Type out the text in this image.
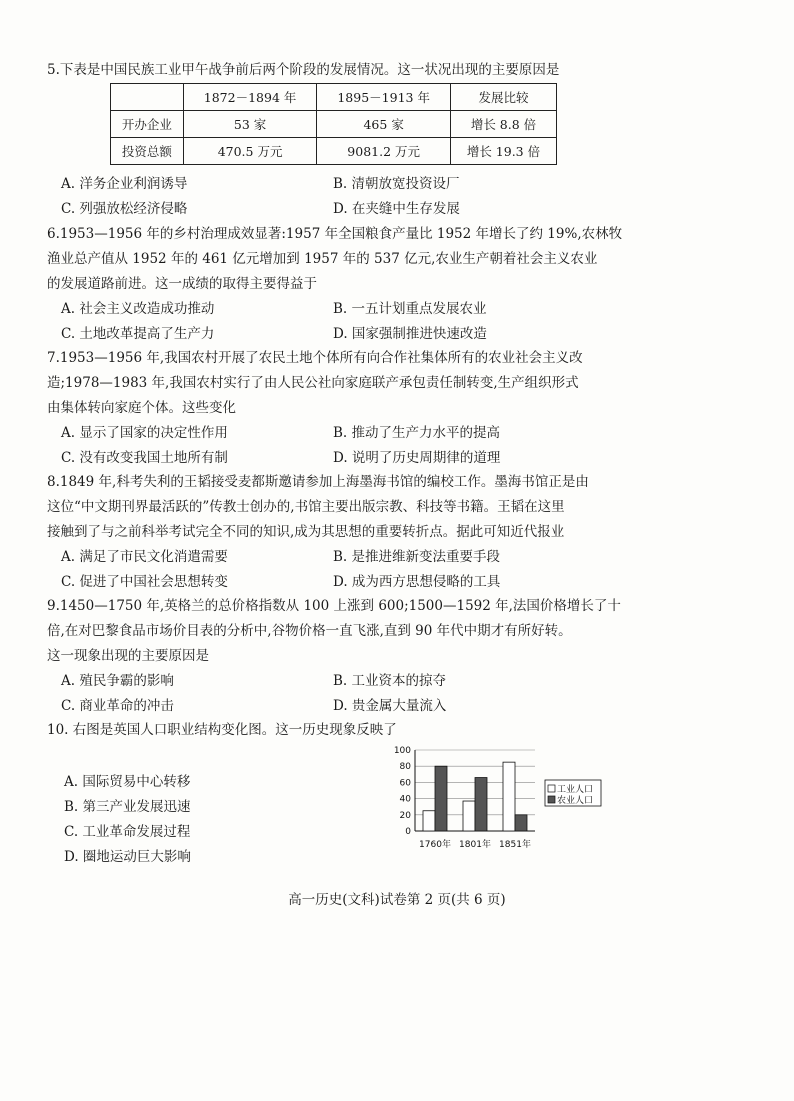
5.下表是中国民族工业甲午战争前后两个阶段的发展情况。这一状况出现的主要原因是
	1872－1894 年	1895－1913 年	发展比较
开办企业	53 家	465 家	增长 8.8 倍
投资总额	470.5 万元	9081.2 万元	增长 19.3 倍
A. 洋务企业利润诱导	B. 清朝放宽投资设厂
C. 列强放松经济侵略	D. 在夹缝中生存发展
6.1953—1956 年的乡村治理成效显著:1957 年全国粮食产量比 1952 年增长了约 19%,农林牧
渔业总产值从 1952 年的 461 亿元增加到 1957 年的 537 亿元,农业生产朝着社会主义农业
的发展道路前进。这一成绩的取得主要得益于
A. 社会主义改造成功推动	B. 一五计划重点发展农业
C. 土地改革提高了生产力	D. 国家强制推进快速改造
7.1953—1956 年,我国农村开展了农民土地个体所有向合作社集体所有的农业社会主义改
造;1978—1983 年,我国农村实行了由人民公社向家庭联产承包责任制转变,生产组织形式
由集体转向家庭个体。这些变化
A. 显示了国家的决定性作用	B. 推动了生产力水平的提高
C. 没有改变我国土地所有制	D. 说明了历史周期律的道理
8.1849 年,科考失利的王韬接受麦都斯邀请参加上海墨海书馆的编校工作。墨海书馆正是由
这位“中文期刊界最活跃的”传教士创办的,书馆主要出版宗教、科技等书籍。王韬在这里
接触到了与之前科举考试完全不同的知识,成为其思想的重要转折点。据此可知近代报业
A. 满足了市民文化消遣需要	B. 是推进维新变法重要手段
C. 促进了中国社会思想转变	D. 成为西方思想侵略的工具
9.1450—1750 年,英格兰的总价格指数从 100 上涨到 600;1500—1592 年,法国价格增长了十
倍,在对巴黎食品市场价目表的分析中,谷物价格一直飞涨,直到 90 年代中期才有所好转。
这一现象出现的主要原因是
A. 殖民争霸的影响	B. 工业资本的掠夺
C. 商业革命的冲击	D. 贵金属大量流入
10. 右图是英国人口职业结构变化图。这一历史现象反映了
A. 国际贸易中心转移
B. 第三产业发展迅速
C. 工业革命发展过程
D. 圈地运动巨大影响
0
20
40
60
80
100
1760年 1801年 1851年
工业人口
农业人口
高一历史(文科)试卷第 2 页(共 6 页)
